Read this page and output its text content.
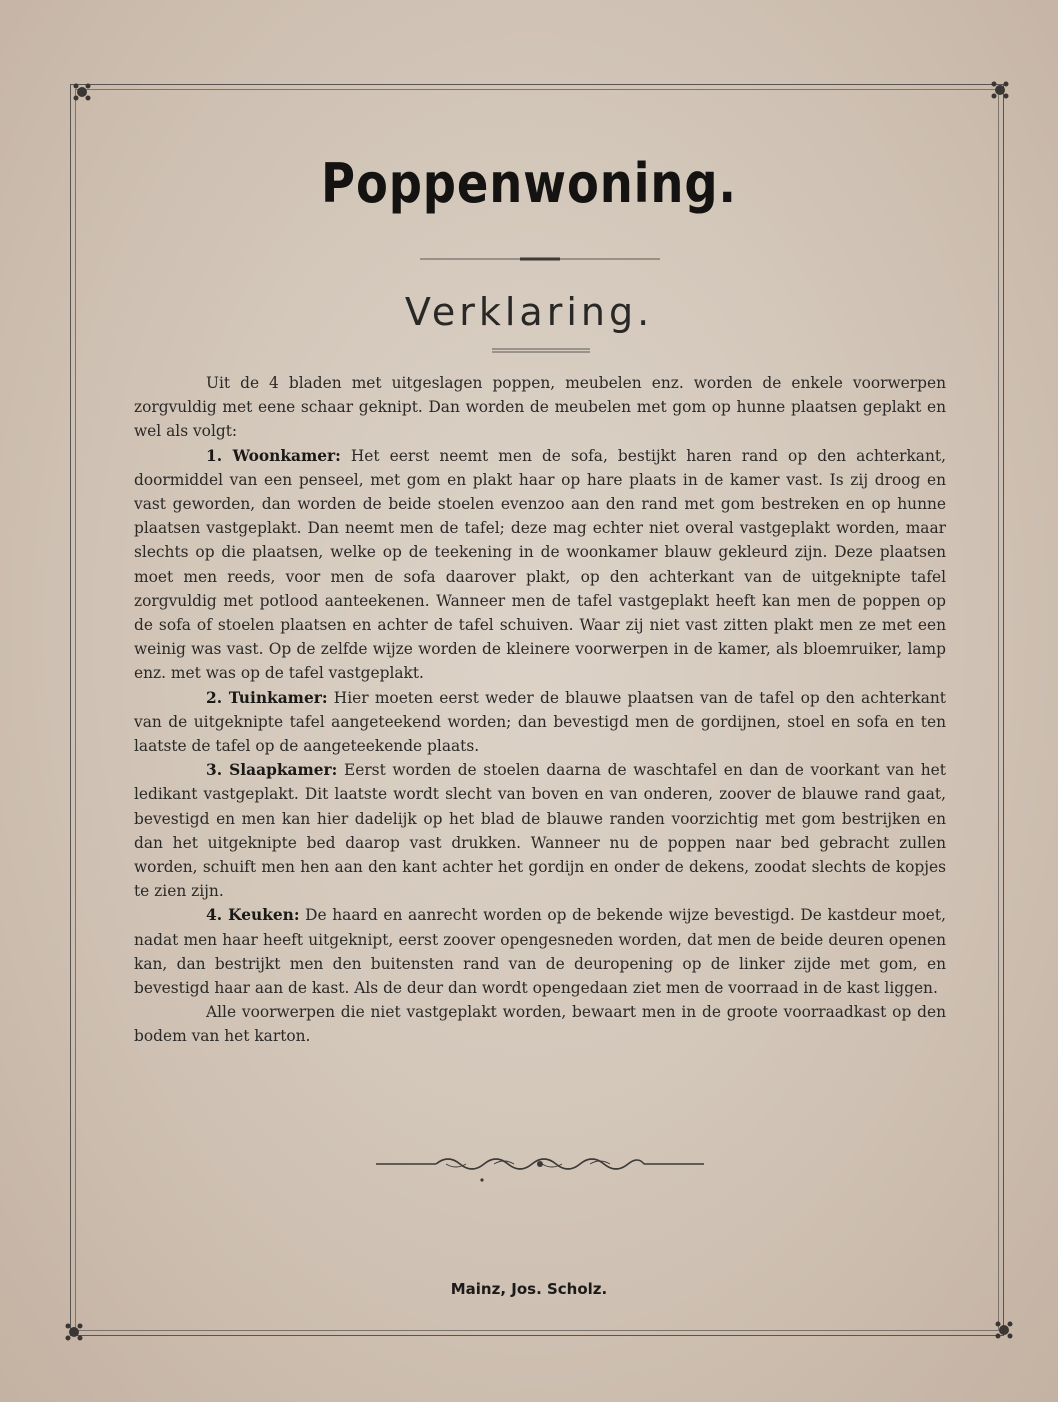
Poppenwoning.
Verklaring.

Uit de 4 bladen met uitgeslagen poppen, meubelen enz. worden de enkele voorwerpen zorgvuldig met eene schaar geknipt. Dan worden de meubelen met gom op hunne plaatsen geplakt en wel als volgt:

1. Woonkamer: Het eerst neemt men de sofa, bestijkt haren rand op den achterkant, doormiddel van een penseel, met gom en plakt haar op hare plaats in de kamer vast. Is zij droog en vast geworden, dan worden de beide stoelen evenzoo aan den rand met gom bestreken en op hunne plaatsen vastgeplakt. Dan neemt men de tafel; deze mag echter niet overal vastgeplakt worden, maar slechts op die plaatsen, welke op de teekening in de woonkamer blauw gekleurd zijn. Deze plaatsen moet men reeds, voor men de sofa daarover plakt, op den achterkant van de uitgeknipte tafel zorgvuldig met potlood aanteekenen. Wanneer men de tafel vastgeplakt heeft kan men de poppen op de sofa of stoelen plaatsen en achter de tafel schuiven. Waar zij niet vast zitten plakt men ze met een weinig was vast. Op de zelfde wijze worden de kleinere voorwerpen in de kamer, als bloemruiker, lamp enz. met was op de tafel vastgeplakt.

2. Tuinkamer: Hier moeten eerst weder de blauwe plaatsen van de tafel op den achterkant van de uitgeknipte tafel aangeteekend worden; dan bevestigd men de gordijnen, stoel en sofa en ten laatste de tafel op de aangeteekende plaats.

3. Slaapkamer: Eerst worden de stoelen daarna de waschtafel en dan de voorkant van het ledikant vastgeplakt. Dit laatste wordt slecht van boven en van onderen, zoover de blauwe rand gaat, bevestigd en men kan hier dadelijk op het blad de blauwe randen voorzichtig met gom bestrijken en dan het uitgeknipte bed daarop vast drukken. Wanneer nu de poppen naar bed gebracht zullen worden, schuift men hen aan den kant achter het gordijn en onder de dekens, zoodat slechts de kopjes te zien zijn.

4. Keuken: De haard en aanrecht worden op de bekende wijze bevestigd. De kastdeur moet, nadat men haar heeft uitgeknipt, eerst zoover opengesneden worden, dat men de beide deuren openen kan, dan bestrijkt men den buitensten rand van de deuropening op de linker zijde met gom, en bevestigd haar aan de kast. Als de deur dan wordt opengedaan ziet men de voorraad in de kast liggen.

Alle voorwerpen die niet vastgeplakt worden, bewaart men in de groote voorraadkast op den bodem van het karton.

Mainz, Jos. Scholz.
